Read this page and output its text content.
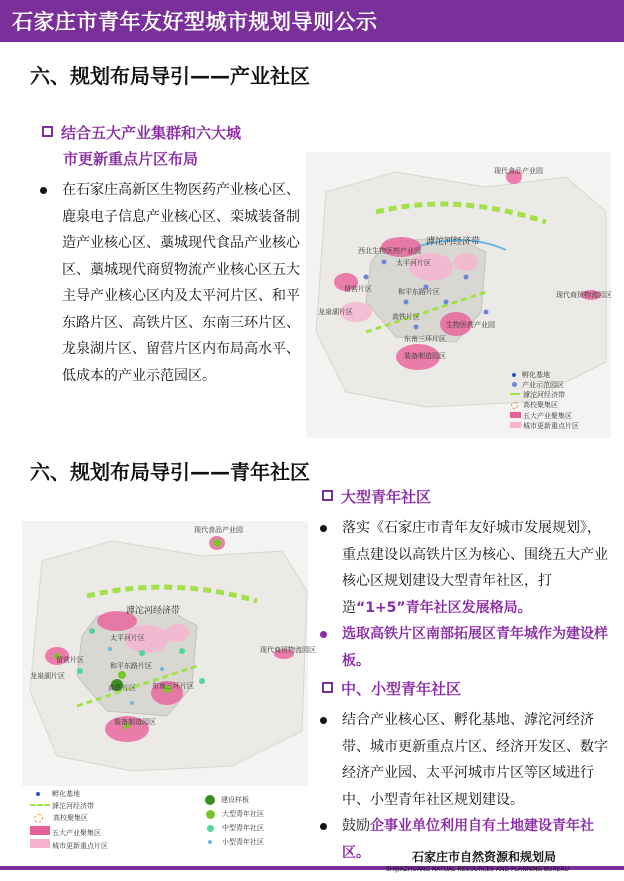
石家庄市青年友好型城市规划导则公示
六、规划布局导引——产业社区
结合五大产业集群和六大城
市更新重点片区布局
在石家庄高新区生物医药产业核心区、鹿泉电子信息产业核心区、栾城装备制造产业核心区、藁城现代食品产业核心区、藁城现代商贸物流产业核心区五大主导产业核心区内及太平河片区、和平东路片区、高铁片区、东南三环片区、龙泉湖片区、留营片区内布局高水平、低成本的产业示范园区。
现代食品产业园
滹沱河经济带
太平河片区
西北生物医药产业园
留营片区
龙泉湖片区
和平东路片区
高铁片区
东南三环片区
生物医药产业园
装备制造园区
现代商贸物流园区
孵化基地
产业示范园区
滹沱河经济带
高校聚集区
五大产业聚集区
城市更新重点片区
六、规划布局导引——青年社区
现代食品产业园
滹沱河经济带
太平河片区
留营片区
龙泉湖片区
和平东路片区
高铁片区 东南三环片区
装备制造园区
现代商贸物流园区
孵化基地
滹沱河经济带
高校聚集区
五大产业聚集区
城市更新重点片区
建设样板
大型青年社区
中型青年社区
小型青年社区
大型青年社区
落实《石家庄市青年友好城市发展规划》，重点建设以高铁片区为核心、围绕五大产业核心区规划建设大型青年社区，打造“1+5”青年社区发展格局。
选取高铁片区南部拓展区青年城作为建设样板。
中、小型青年社区
结合产业核心区、孵化基地、滹沱河经济带、城市更新重点片区、经济开发区、数字经济产业园、太平河城市片区等区域进行中、小型青年社区规划建设。
鼓励企事业单位利用自有土地建设青年社区。	石家庄市自然资源和规划局
SHIJIAZHUANG NATUAL RESOURCES AND PLANNING BUREAU
